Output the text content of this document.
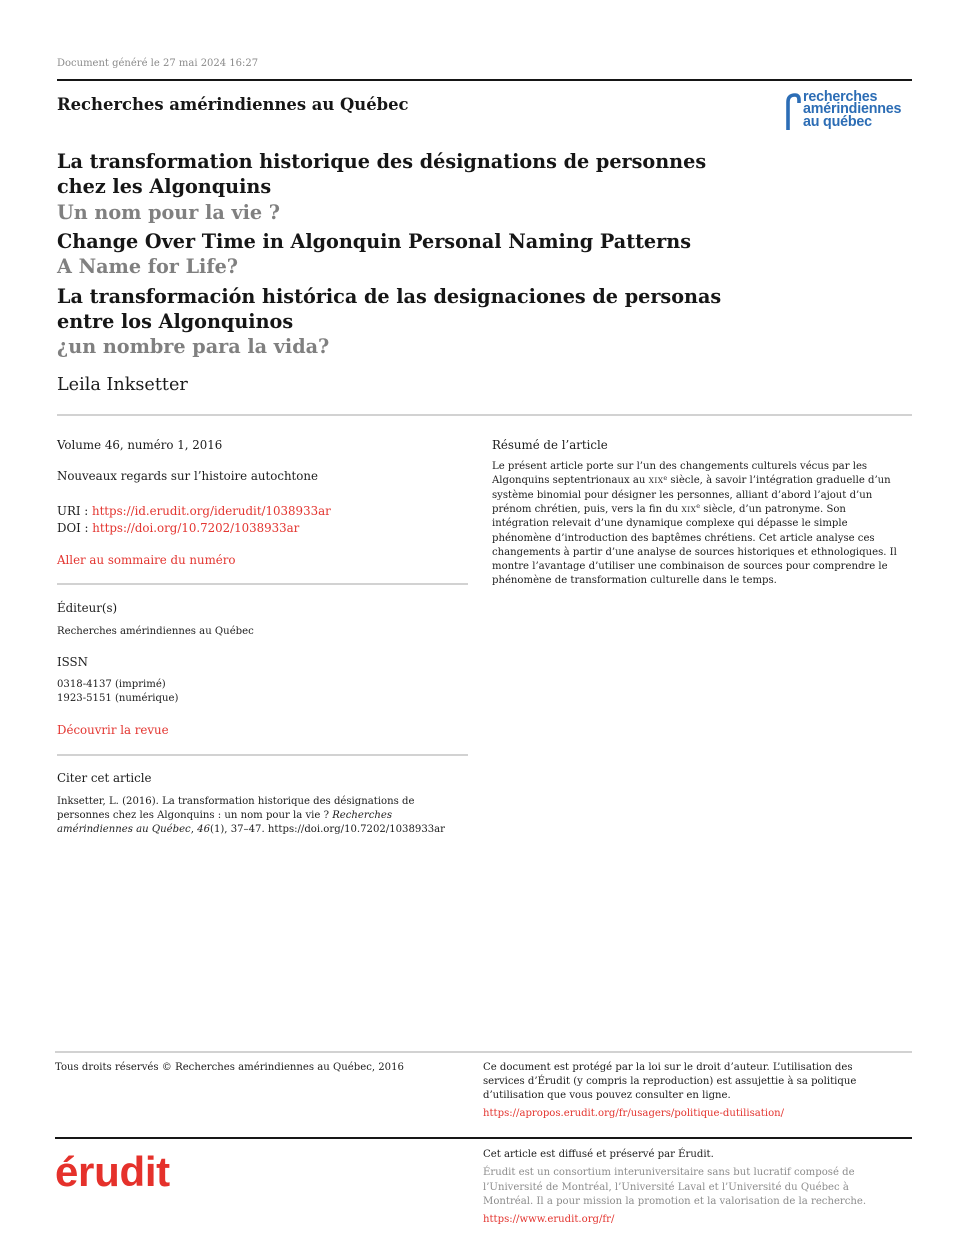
Document généré le 27 mai 2024 16:27
Recherches amérindiennes au Québec	recherches
amérindiennes
au québec
La transformation historique des désignations de personnes
chez les Algonquins
Un nom pour la vie ?
Change Over Time in Algonquin Personal Naming Patterns
A Name for Life?
La transformación histórica de las designaciones de personas
entre los Algonquinos
¿un nombre para la vida?
Leila Inksetter
Volume 46, numéro 1, 2016
Nouveaux regards sur l’histoire autochtone
URI : https://id.erudit.org/iderudit/1038933ar
DOI : https://doi.org/10.7202/1038933ar
Aller au sommaire du numéro
Éditeur(s)
Recherches amérindiennes au Québec
ISSN
0318-4137 (imprimé)
1923-5151 (numérique)
Découvrir la revue
Citer cet article
Inksetter, L. (2016). La transformation historique des désignations de
personnes chez les Algonquins : un nom pour la vie ? Recherches
amérindiennes au Québec, 46(1), 37–47. https://doi.org/10.7202/1038933ar
Résumé de l’article
Le présent article porte sur l’un des changements culturels vécus par les
Algonquins septentrionaux au XIXe siècle, à savoir l’intégration graduelle d’un
système binomial pour désigner les personnes, alliant d’abord l’ajout d’un
prénom chrétien, puis, vers la fin du XIXe siècle, d’un patronyme. Son
intégration relevait d’une dynamique complexe qui dépasse le simple
phénomène d’introduction des baptêmes chrétiens. Cet article analyse ces
changements à partir d’une analyse de sources historiques et ethnologiques. Il
montre l’avantage d’utiliser une combinaison de sources pour comprendre le
phénomène de transformation culturelle dans le temps.
Tous droits réservés © Recherches amérindiennes au Québec, 2016	Ce document est protégé par la loi sur le droit d’auteur. L’utilisation des
services d’Érudit (y compris la reproduction) est assujettie à sa politique
d’utilisation que vous pouvez consulter en ligne.
https://apropos.erudit.org/fr/usagers/politique-dutilisation/
érudit	Cet article est diffusé et préservé par Érudit.
Érudit est un consortium interuniversitaire sans but lucratif composé de
l’Université de Montréal, l’Université Laval et l’Université du Québec à
Montréal. Il a pour mission la promotion et la valorisation de la recherche.
https://www.erudit.org/fr/
